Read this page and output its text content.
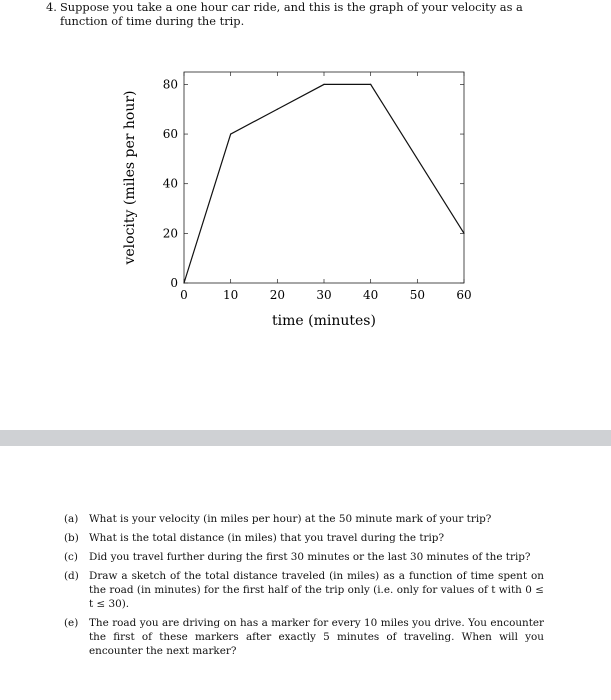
4. Suppose you take a one hour car ride, and this is the graph of your velocity as a function of time during the trip.
0	10	20	30	40	50	60
0
20
40
60
80
time (minutes)
velocity (miles per hour)
(a) What is your velocity (in miles per hour) at the 50 minute mark of your trip?
(b) What is the total distance (in miles) that you travel during the trip?
(c) Did you travel further during the first 30 minutes or the last 30 minutes of the trip?
(d) Draw a sketch of the total distance traveled (in miles) as a function of time spent on the road (in minutes) for the first half of the trip only (i.e. only for values of t with 0 ≤ t ≤ 30).
(e) The road you are driving on has a marker for every 10 miles you drive. You encounter the first of these markers after exactly 5 minutes of traveling. When will you encounter the next marker?
